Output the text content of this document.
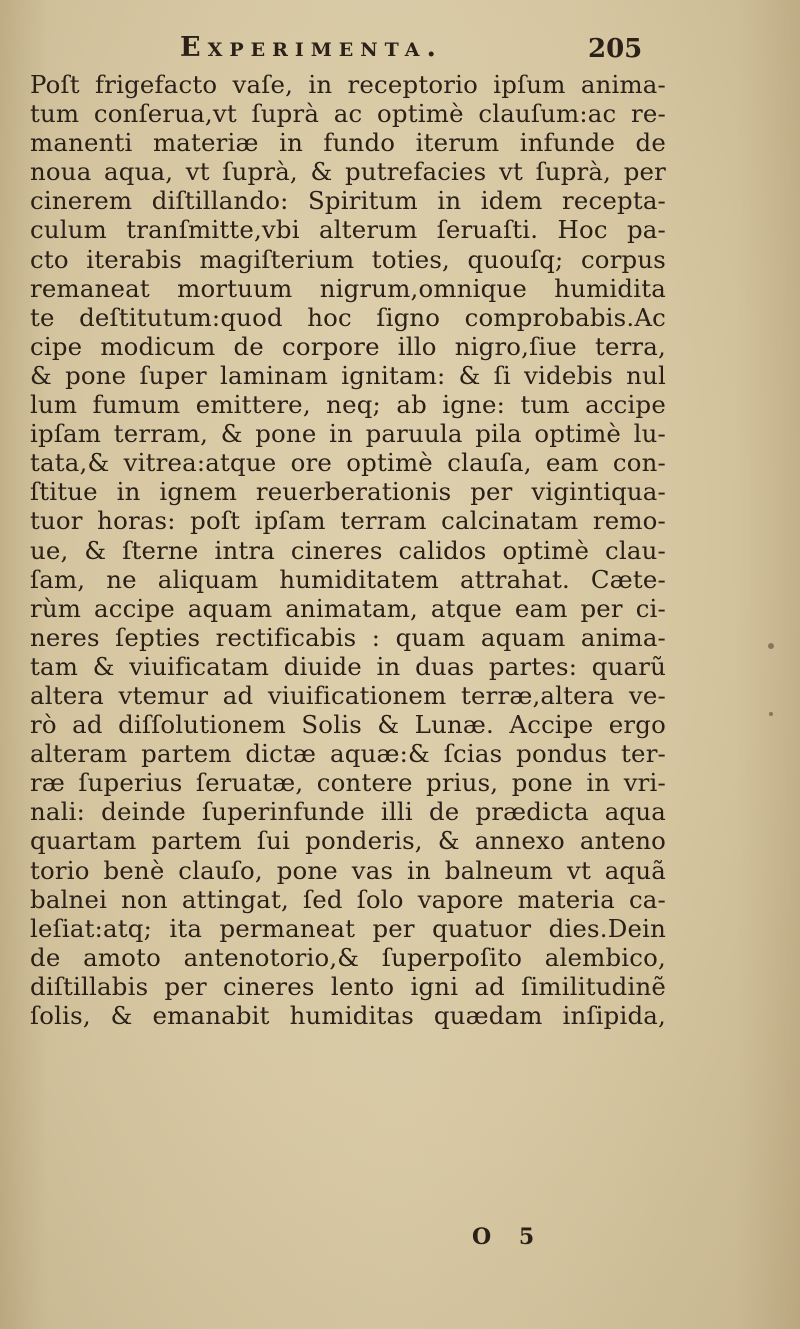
Experimenta.	205
Poſt frigefacto vaſe, in receptorio ipſum anima-
tum conſerua,vt ſuprà ac optimè clauſum:ac re-
manenti materiæ in fundo iterum infunde de
noua aqua, vt ſuprà, & putrefacies vt ſuprà, per
cinerem diſtillando: Spiritum in idem recepta-
culum tranſmitte,vbi alterum ſeruaſti. Hoc pa-
cto iterabis magiſterium toties, quouſq; corpus
remaneat mortuum nigrum,omnique humidita
te deſtitutum:quod hoc ſigno comprobabis.Ac
cipe modicum de corpore illo nigro,ſiue terra,
& pone ſuper laminam ignitam: & ſi videbis nul
lum fumum emittere, neq; ab igne: tum accipe
ipſam terram, & pone in paruula pila optimè lu-
tata,& vitrea:atque ore optimè clauſa, eam con-
ſtitue in ignem reuerberationis per vigintiqua-
tuor horas: poſt ipſam terram calcinatam remo-
ue, & ſterne intra cineres calidos optimè clau-
ſam, ne aliquam humiditatem attrahat. Cæte-
rùm accipe aquam animatam, atque eam per ci-
neres ſepties rectificabis : quam aquam anima-
tam & viuificatam diuide in duas partes: quarũ
altera vtemur ad viuificationem terræ,altera ve-
rò ad diſſolutionem Solis & Lunæ. Accipe ergo
alteram partem dictæ aquæ:& ſcias pondus ter-
ræ ſuperius ſeruatæ, contere prius, pone in vri-
nali: deinde ſuperinfunde illi de prædicta aqua
quartam partem ſui ponderis, & annexo anteno
torio benè clauſo, pone vas in balneum vt aquã
balnei non attingat, ſed ſolo vapore materia ca-
leſiat:atq; ita permaneat per quatuor dies.Dein
de amoto antenotorio,& ſuperpoſito alembico,
diſtillabis per cineres lento igni ad ſimilitudinẽ
ſolis, & emanabit humiditas quædam inſipida,
O 5
